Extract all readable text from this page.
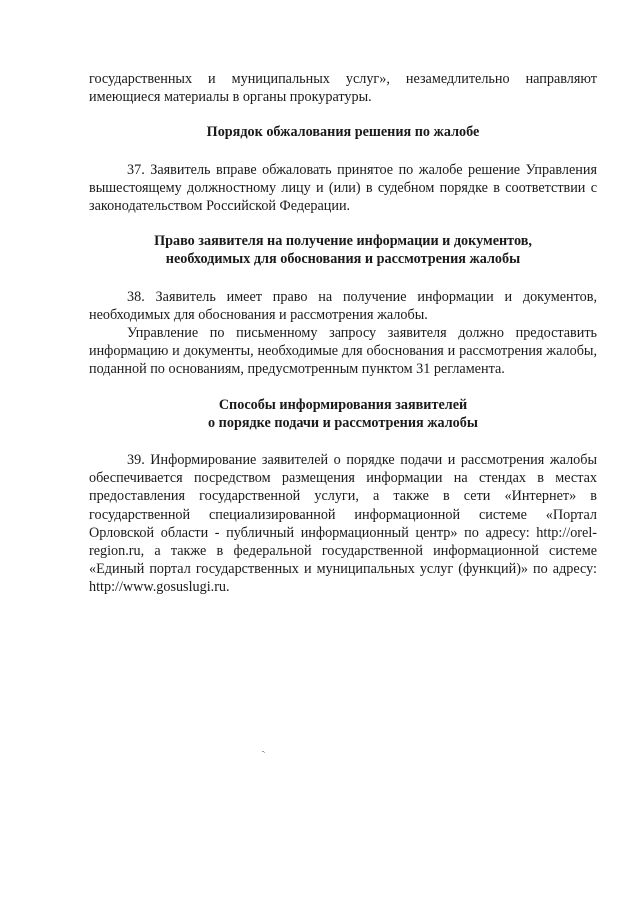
государственных и муниципальных услуг», незамедлительно направляют имеющиеся материалы в органы прокуратуры.

Порядок обжалования решения по жалобе

37. Заявитель вправе обжаловать принятое по жалобе решение Управления вышестоящему должностному лицу и (или) в судебном порядке в соответствии с законодательством Российской Федерации.

Право заявителя на получение информации и документов,
необходимых для обоснования и рассмотрения жалобы

38. Заявитель имеет право на получение информации и документов, необходимых для обоснования и рассмотрения жалобы.

Управление по письменному запросу заявителя должно предоставить информацию и документы, необходимые для обоснования и рассмотрения жалобы, поданной по основаниям, предусмотренным пунктом 31 регламента.

Способы информирования заявителей
о порядке подачи и рассмотрения жалобы

39. Информирование заявителей о порядке подачи и рассмотрения жалобы обеспечивается посредством размещения информации на стендах в местах предоставления государственной услуги, а также в сети «Интернет» в государственной специализированной информационной системе «Портал Орловской области - публичный информационный центр» по адресу: http://orel-region.ru, а также в федеральной государственной информационной системе «Единый портал государственных и муниципальных услуг (функций)» по адресу: http://www.gosuslugi.ru.
